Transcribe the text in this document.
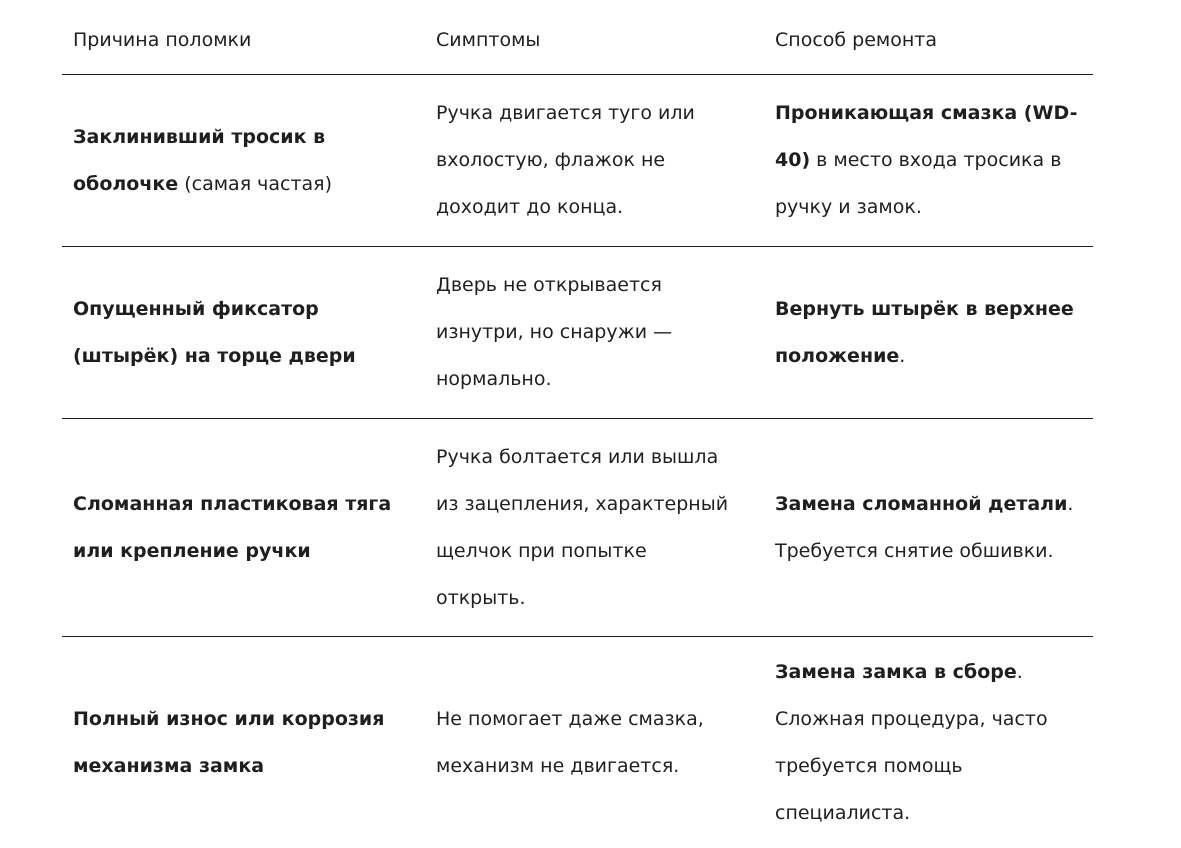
Причина поломки	Симптомы	Способ ремонта

Заклинивший тросик в оболочке (самая частая)

Ручка двигается туго или вхолостую, флажок не доходит до конца.

Проникающая смазка (WD-40) в место входа тросика в ручку и замок.

Опущенный фиксатор (штырёк) на торце двери

Дверь не открывается изнутри, но снаружи — нормально.

Вернуть штырёк в верхнее положение.

Сломанная пластиковая тяга или крепление ручки

Ручка болтается или вышла из зацепления, характерный щелчок при попытке открыть.

Замена сломанной детали. Требуется снятие обшивки.

Полный износ или коррозия механизма замка

Не помогает даже смазка, механизм не двигается.

Замена замка в сборе. Сложная процедура, часто требуется помощь специалиста.
